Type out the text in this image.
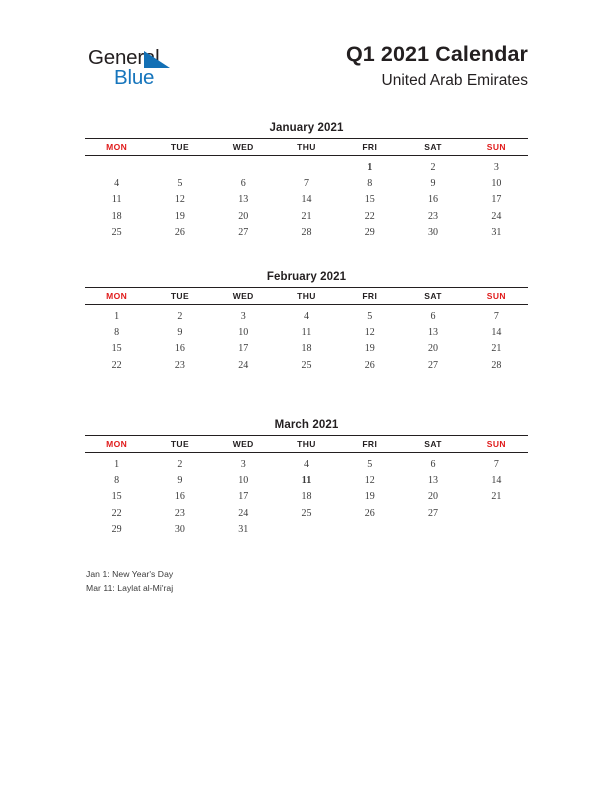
General
Blue
Q1 2021 Calendar
United Arab Emirates
January 2021
MON	TUE	WED	THU	FRI	SAT	SUN
				1	2	3
4	5	6	7	8	9	10
11	12	13	14	15	16	17
18	19	20	21	22	23	24
25	26	27	28	29	30	31
February 2021
MON	TUE	WED	THU	FRI	SAT	SUN
1	2	3	4	5	6	7
8	9	10	11	12	13	14
15	16	17	18	19	20	21
22	23	24	25	26	27	28
March 2021
MON	TUE	WED	THU	FRI	SAT	SUN
1	2	3	4	5	6	7
8	9	10	11	12	13	14
15	16	17	18	19	20	21
22	23	24	25	26	27	
29	30	31				
Jan 1: New Year's Day
Mar 11: Laylat al-Mi'raj
